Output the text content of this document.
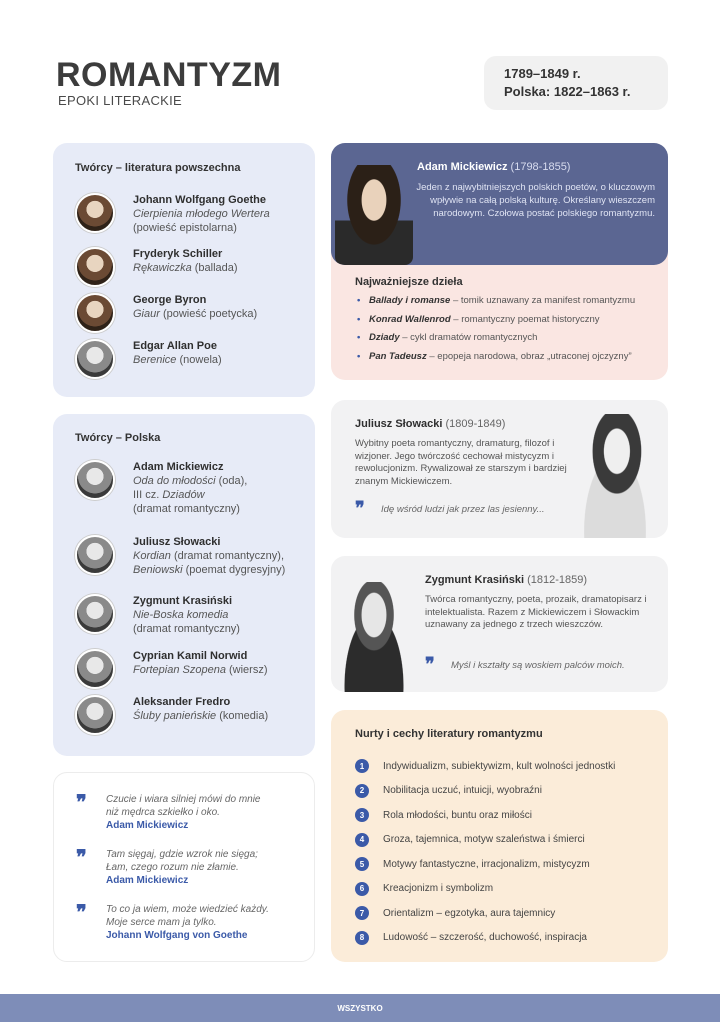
ROMANTYZM
EPOKI LITERACKIE
1789–1849 r.
Polska: 1822–1863 r.
Twórcy – literatura powszechna
Johann Wolfgang Goethe
Cierpienia młodego Wertera
(powieść epistolarna)
Fryderyk Schiller
Rękawiczka (ballada)
George Byron
Giaur (powieść poetycka)
Edgar Allan Poe
Berenice (nowela)
Twórcy – Polska
Adam Mickiewicz
Oda do młodości (oda),
III cz. Dziadów
(dramat romantyczny)
Juliusz Słowacki
Kordian (dramat romantyczny),
Beniowski (poemat dygresyjny)
Zygmunt Krasiński
Nie-Boska komedia
(dramat romantyczny)
Cyprian Kamil Norwid
Fortepian Szopena (wiersz)
Aleksander Fredro
Śluby panieńskie (komedia)
❞	Czucie i wiara silniej mówi do mnie
niż mędrca szkiełko i oko.
Adam Mickiewicz
❞	Tam sięgaj, gdzie wzrok nie sięga;
Łam, czego rozum nie złamie.
Adam Mickiewicz
❞	To co ja wiem, może wiedzieć każdy.
Moje serce mam ja tylko.
Johann Wolfgang von Goethe
Najważniejsze dzieła
• Ballady i romanse – tomik uznawany za manifest romantyzmu
• Konrad Wallenrod – romantyczny poemat historyczny
• Dziady – cykl dramatów romantycznych
• Pan Tadeusz – epopeja narodowa, obraz „utraconej ojczyzny”
Adam Mickiewicz (1798-1855)
Jeden z najwybitniejszych polskich poetów, o kluczowym wpływie na całą polską kulturę. Określany wieszczem narodowym. Czołowa postać polskiego romantyzmu.
Juliusz Słowacki (1809-1849)
Wybitny poeta romantyczny, dramaturg, filozof i wizjoner. Jego twórczość cechował mistycyzm i rewolucjonizm. Rywalizował ze starszym i bardziej znanym Mickiewiczem.
❞	Idę wśród ludzi jak przez las jesienny...
Zygmunt Krasiński (1812-1859)
Twórca romantyczny, poeta, prozaik, dramatopisarz i intelektualista. Razem z Mickiewiczem i Słowackim uznawany za jednego z trzech wieszczów.
❞	Myśl i kształty są woskiem palców moich.
Nurty i cechy literatury romantyzmu
1	Indywidualizm, subiektywizm, kult wolności jednostki
2	Nobilitacja uczuć, intuicji, wyobraźni
3	Rola młodości, buntu oraz miłości
4	Groza, tajemnica, motyw szaleństwa i śmierci
5	Motywy fantastyczne, irracjonalizm, mistycyzm
6	Kreacjonizm i symbolizm
7	Orientalizm – egzotyka, aura tajemnicy
8	Ludowość – szczerość, duchowość, inspiracja
WSZYSTKO
